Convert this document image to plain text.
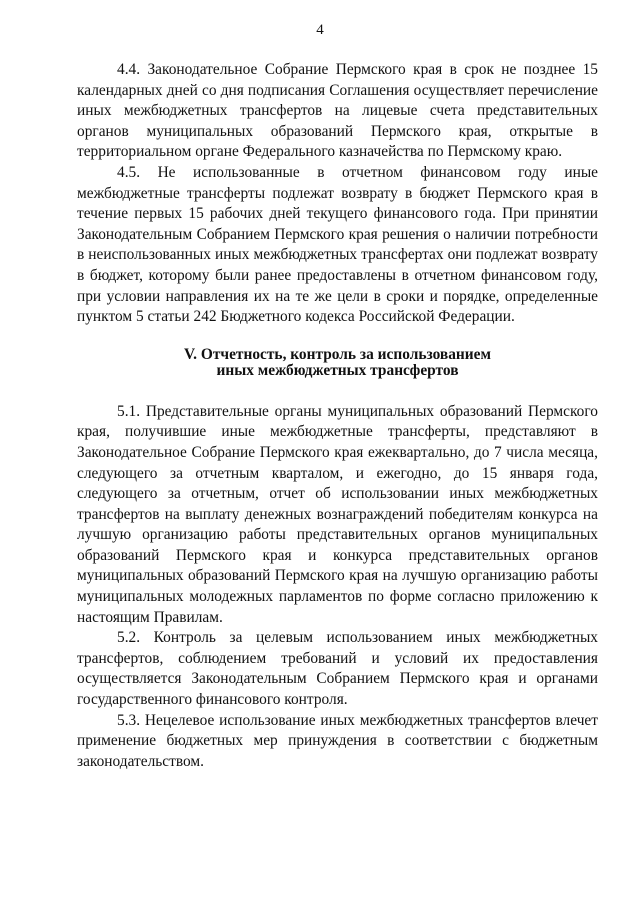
4

4.4. Законодательное Собрание Пермского края в срок не позднее 15 календарных дней со дня подписания Соглашения осуществляет перечисление иных межбюджетных трансфертов на лицевые счета представительных органов муниципальных образований Пермского края, открытые в территориальном органе Федерального казначейства по Пермскому краю.

4.5. Не использованные в отчетном финансовом году иные межбюджетные трансферты подлежат возврату в бюджет Пермского края в течение первых 15 рабочих дней текущего финансового года. При принятии Законодательным Собранием Пермского края решения о наличии потребности в неиспользованных иных межбюджетных трансфертах они подлежат возврату в бюджет, которому были ранее предоставлены в отчетном финансовом году, при условии направления их на те же цели в сроки и порядке, определенные пунктом 5 статьи 242 Бюджетного кодекса Российской Федерации.

V. Отчетность, контроль за использованием
иных межбюджетных трансфертов

5.1. Представительные органы муниципальных образований Пермского края, получившие иные межбюджетные трансферты, представляют в Законодательное Собрание Пермского края ежеквартально, до 7 числа месяца, следующего за отчетным кварталом, и ежегодно, до 15 января года, следующего за отчетным, отчет об использовании иных межбюджетных трансфертов на выплату денежных вознаграждений победителям конкурса на лучшую организацию работы представительных органов муниципальных образований Пермского края и конкурса представительных органов муниципальных образований Пермского края на лучшую организацию работы муниципальных молодежных парламентов по форме согласно приложению к настоящим Правилам.

5.2. Контроль за целевым использованием иных межбюджетных трансфертов, соблюдением требований и условий их предоставления осуществляется Законодательным Собранием Пермского края и органами государственного финансового контроля.

5.3. Нецелевое использование иных межбюджетных трансфертов влечет применение бюджетных мер принуждения в соответствии с бюджетным законодательством.
